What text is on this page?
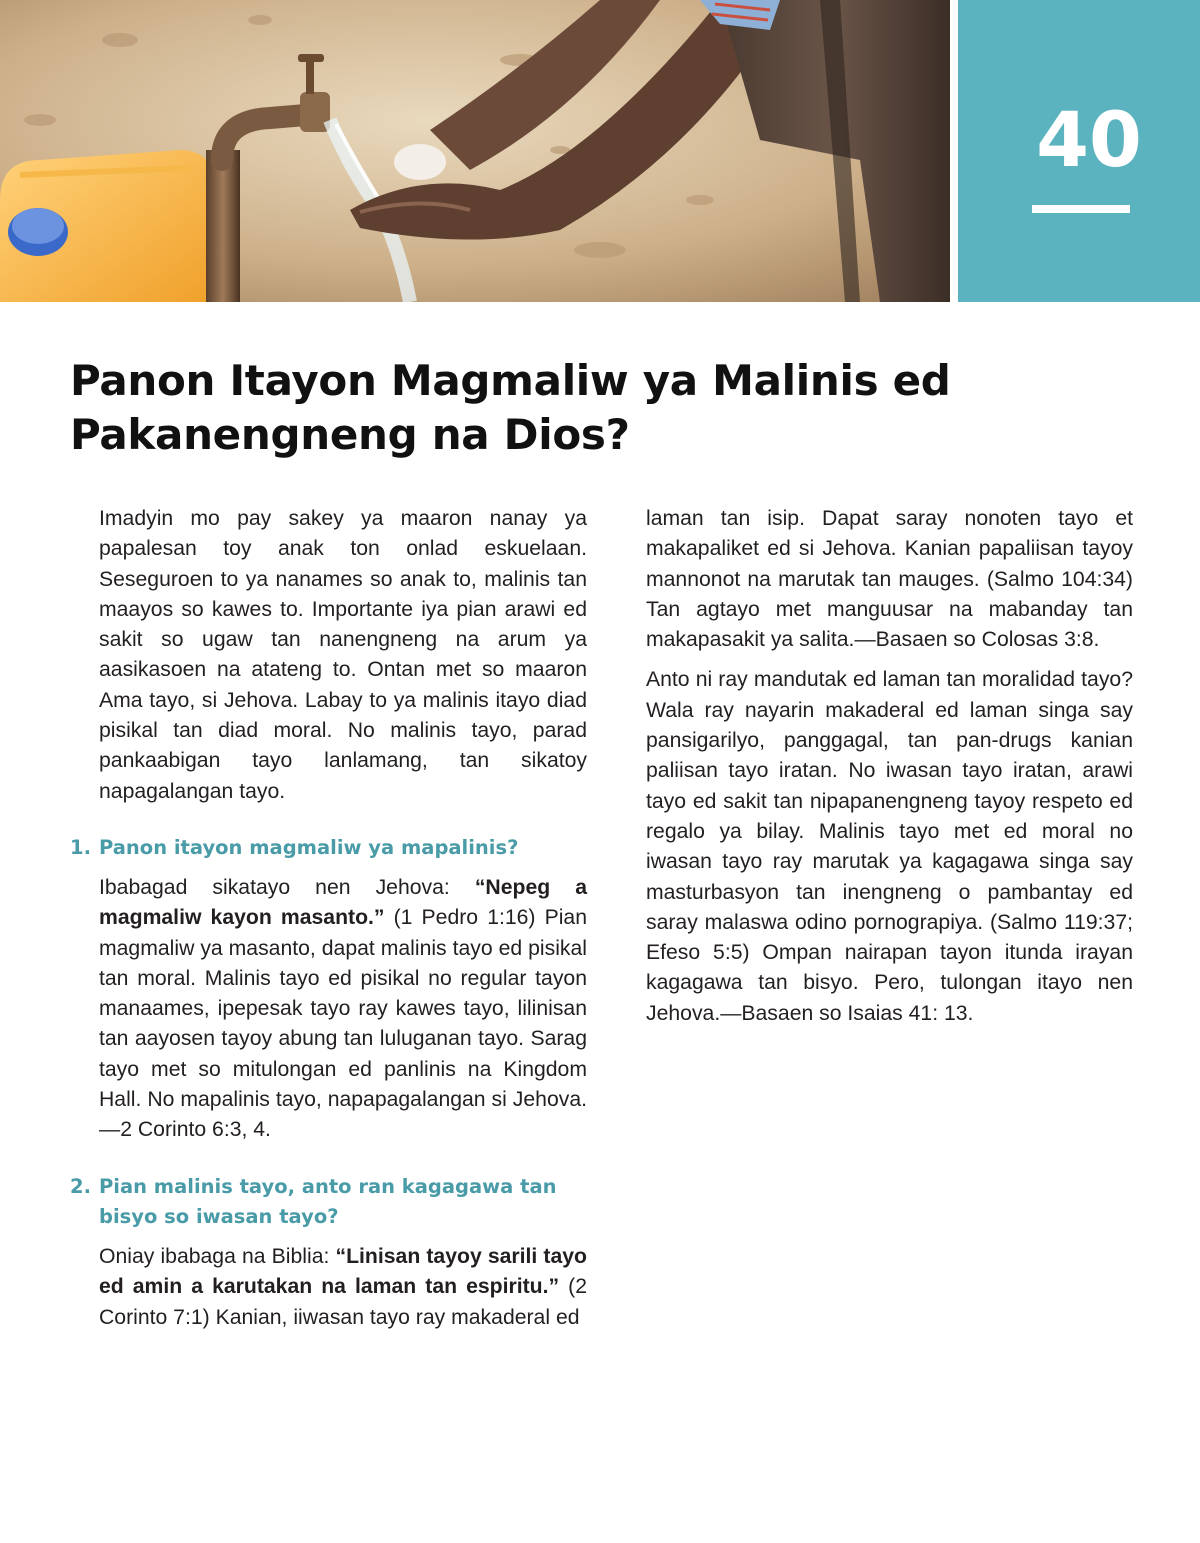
40
Panon Itayon Magmaliw ya Malinis ed Pakanengneng na Dios?

Imadyin mo pay sakey ya maaron nanay ya papalesan toy anak ton onlad eskuelaan. Seseguroen to ya nanames so anak to, malinis tan maayos so kawes to. Importante iya pian arawi ed sakit so ugaw tan nanengneng na arum ya aasikasoen na atateng to. Ontan met so maaron Ama tayo, si Jehova. Labay to ya malinis itayo diad pisikal tan diad moral. No malinis tayo, parad pankaabigan tayo lanlamang, tan sikatoy napagalangan tayo.

1. Panon itayon magmaliw ya mapalinis?

Ibabagad sikatayo nen Jehova: “Nepeg a magmaliw kayon masanto.” (1 Pedro 1:16) Pian magmaliw ya masanto, dapat malinis tayo ed pisikal tan moral. Malinis tayo ed pisikal no regular tayon manaames, ipepesak tayo ray kawes tayo, lilinisan tan aayosen tayoy abung tan luluganan tayo. Sarag tayo met so mitulongan ed panlinis na Kingdom Hall. No mapalinis tayo, napapagalangan si Jehova.—2 Corinto 6:3, 4.

2. Pian malinis tayo, anto ran kagagawa tan bisyo so iwasan tayo?

laman tan isip. Dapat saray nonoten tayo et makapaliket ed si Jehova. Kanian papaliisan tayoy mannonot na marutak tan mauges. (Salmo 104:34) Tan agtayo met manguusar na mabanday tan makapasakit ya salita.—Basaen so Colosas 3:8.

Anto ni ray mandutak ed laman tan moralidad tayo? Wala ray nayarin makaderal ed laman singa say pansigarilyo, panggagal, tan pan-drugs kanian paliisan tayo iratan. No iwasan tayo iratan, arawi tayo ed sakit tan nipapanengneng tayoy respeto ed regalo ya bilay. Malinis tayo met ed moral no iwasan tayo ray marutak ya kagagawa singa say masturbasyon tan inengneng o pambantay ed saray malaswa odino pornograpiya. (Salmo 119:37; Efeso 5:5) Ompan nairapan tayon itunda irayan kagagawa tan bisyo. Pero, tulongan itayo nen Jehova.—Basaen so Isaias 41: 13.

Oniay ibabaga na Biblia: “Linisan tayoy sarili tayo ed amin a karutakan na laman tan espiritu.” (2 Corinto 7:1) Kanian, iiwasan tayo ray makaderal ed
